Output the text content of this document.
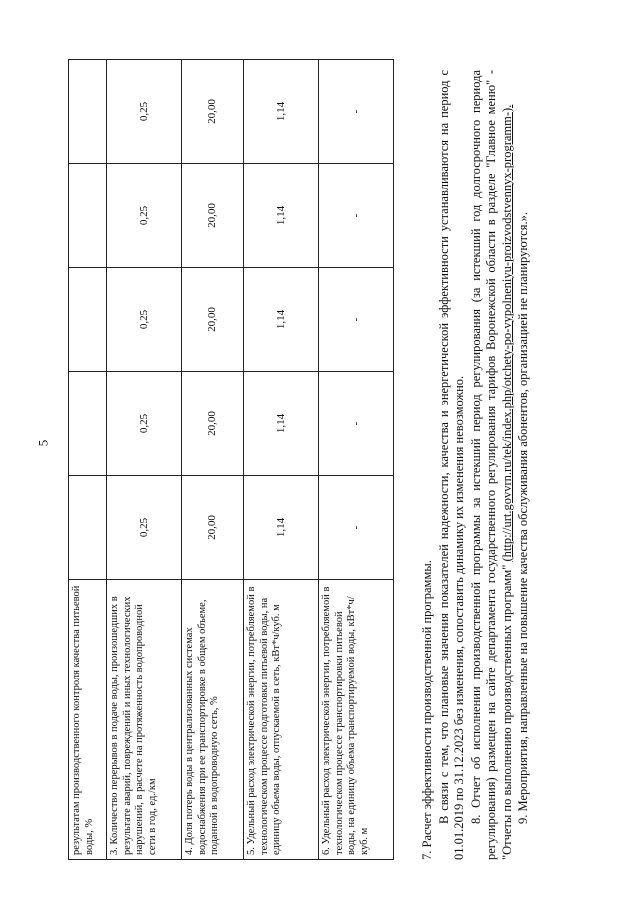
5
результатам производственного контроля качества питьевой воды, %					
3. Количество перерывов в подаче воды, произошедших в результате аварий, повреждений и иных технологических нарушений, в расчете на протяженность водопроводной сети в год, ед./км	0,25	0,25	0,25	0,25	0,25
4. Доля потерь воды в централизованных системах водоснабжения при ее транспортировке в общем объеме, поданной в водопроводную сеть, %	20,00	20,00	20,00	20,00	20,00
5. Удельный расход электрической энергии, потребляемой в технологическом процессе подготовки питьевой воды, на единицу объема воды, отпускаемой в сеть, кВт*ч/куб. м	1,14	1,14	1,14	1,14	1,14
6. Удельный расход электрической энергии, потребляемой в технологическом процессе транспортировки питьевой воды, на единицу объема транспортируемой воды, кВт*ч/куб. м	-	-	-	-	-

7. Расчет эффективности производственной программы. В связи с тем, что плановые значения показателей надежности, качества и энергетической эффективности устанавливаются на период с 01.01.2019 по 31.12.2023 без изменения, сопоставить динамику их изменения невозможно. 8. Отчет об исполнении производственной программы за истекший период регулирования (за истекший год долгосрочного периода регулирования) размещен на сайте департамента государственного регулирования тарифов Воронежской области в разделе "Главное меню" - "Отчеты по выполнению производственных программ" (http://urt.govvrn.ru/tek/index.php/otchety-po-vypolneniyu-proizvodstvennyx-programm-). 9. Мероприятия, направленные на повышение качества обслуживания абонентов, организацией не планируются.».
